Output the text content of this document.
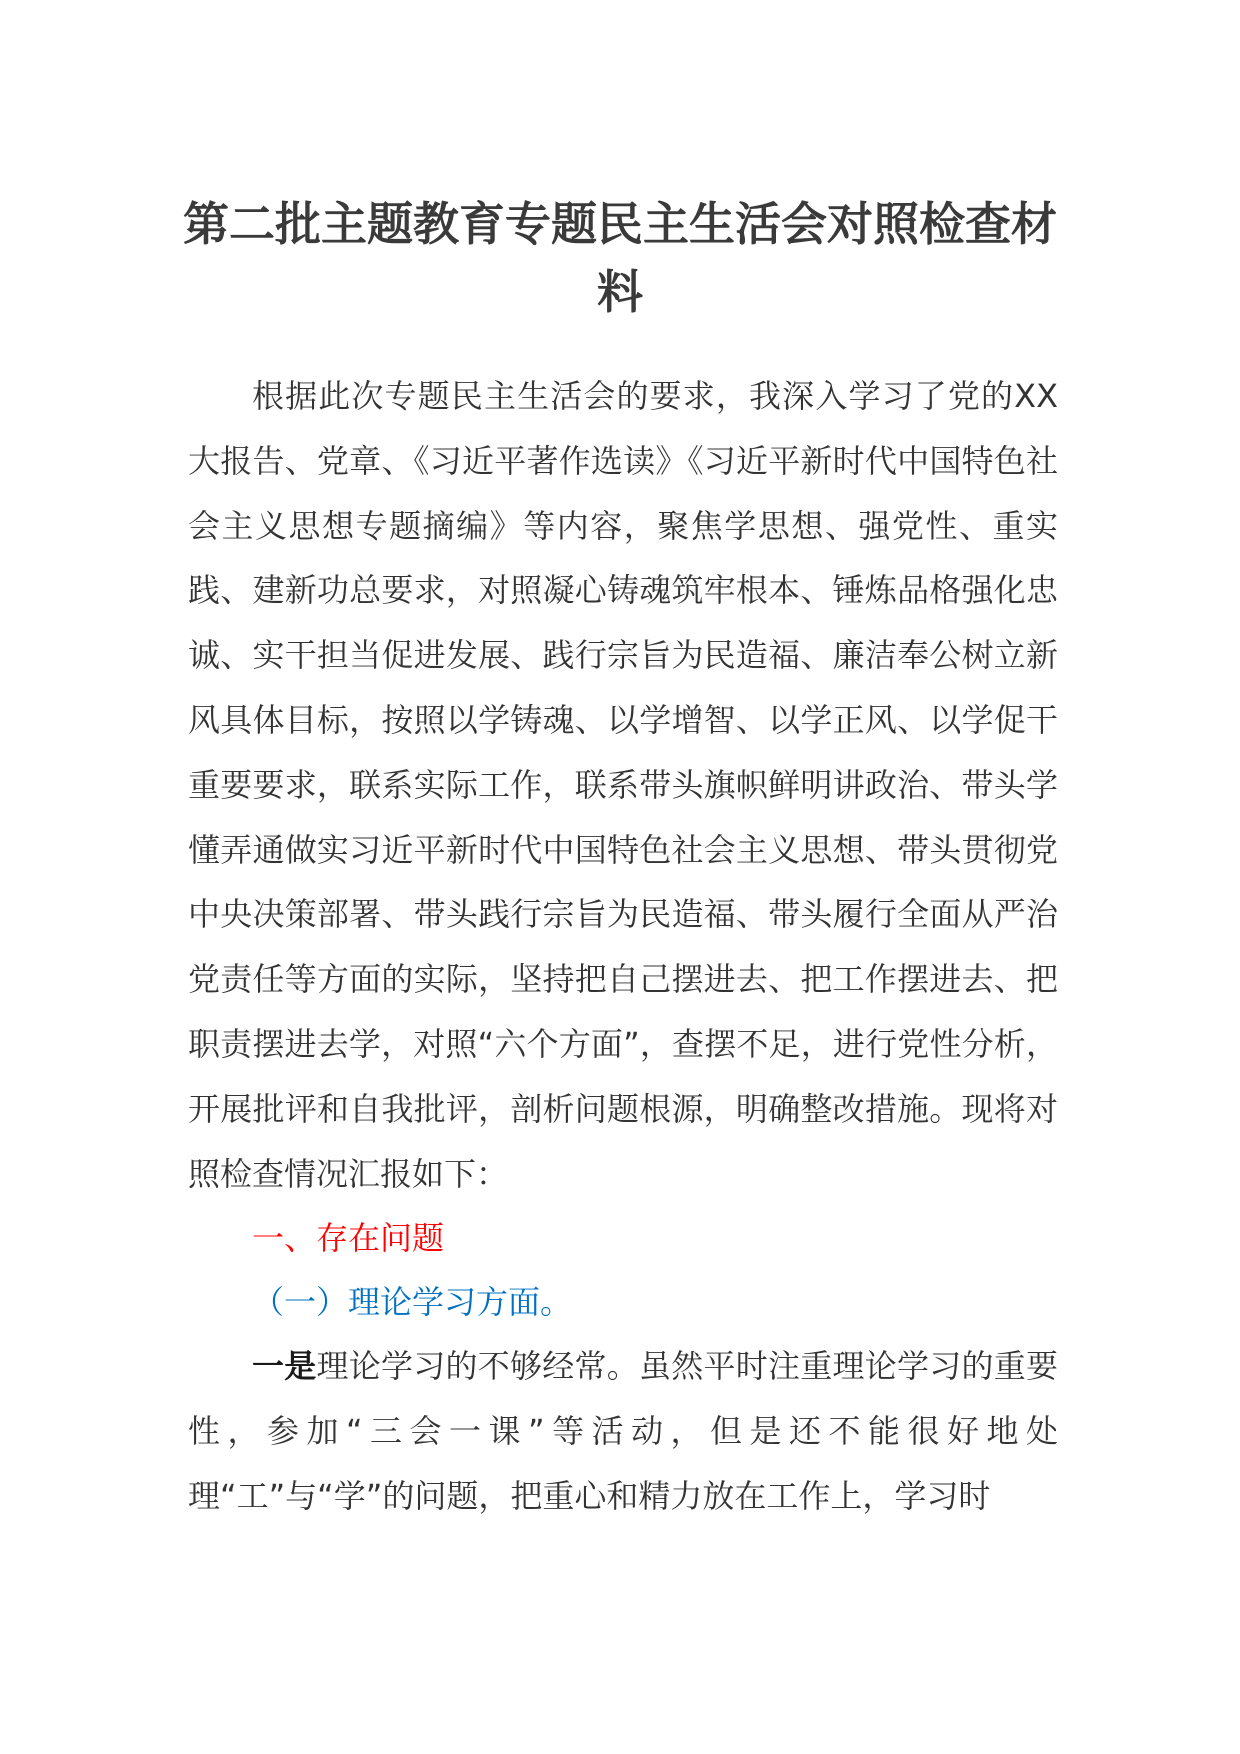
第二批主题教育专题民主生活会对照检查材料

根据此次专题民主生活会的要求，我深入学习了党的XX大报告、党章、《习近平著作选读》《习近平新时代中国特色社会主义思想专题摘编》等内容，聚焦学思想、强党性、重实践、建新功总要求，对照凝心铸魂筑牢根本、锤炼品格强化忠诚、实干担当促进发展、践行宗旨为民造福、廉洁奉公树立新风具体目标，按照以学铸魂、以学增智、以学正风、以学促干重要要求，联系实际工作，联系带头旗帜鲜明讲政治、带头学懂弄通做实习近平新时代中国特色社会主义思想、带头贯彻党中央决策部署、带头践行宗旨为民造福、带头履行全面从严治党责任等方面的实际，坚持把自己摆进去、把工作摆进去、把职责摆进去学，对照“六个方面”，查摆不足，进行党性分析，开展批评和自我批评，剖析问题根源，明确整改措施。现将对照检查情况汇报如下：

一、存在问题

（一）理论学习方面。

一是理论学习的不够经常。虽然平时注重理论学习的重要性，参加“三会一课”等活动，但是还不能很好地处理“工”与“学”的问题，把重心和精力放在工作上，学习时
